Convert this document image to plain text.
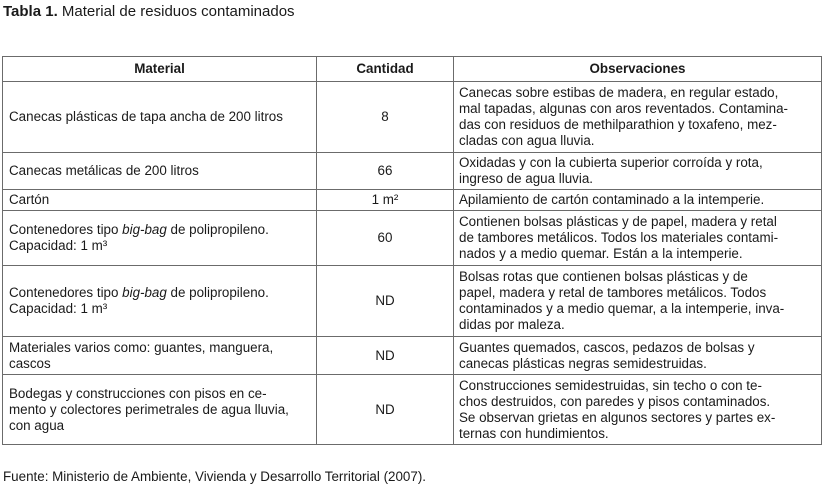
Tabla 1. Material de residuos contaminados
Material	Cantidad	Observaciones

Canecas plásticas de tapa ancha de 200 litros	8	Canecas sobre estibas de madera, en regular estado,
mal tapadas, algunas con aros reventados. Contamina-
das con residuos de methilparathion y toxafeno, mez-
cladas con agua lluvia.

Canecas metálicas de 200 litros	66	Oxidadas y con la cubierta superior corroída y rota,
ingreso de agua lluvia.

Cartón	1 m²	Apilamiento de cartón contaminado a la intemperie.

Contenedores tipo big-bag de polipropileno.
Capacidad: 1 m³	60	Contienen bolsas plásticas y de papel, madera y retal
de tambores metálicos. Todos los materiales contami-
nados y a medio quemar. Están a la intemperie.

Contenedores tipo big-bag de polipropileno.
Capacidad: 1 m³	ND	Bolsas rotas que contienen bolsas plásticas y de
papel, madera y retal de tambores metálicos. Todos
contaminados y a medio quemar, a la intemperie, inva-
didas por maleza.

Materiales varios como: guantes, manguera,
cascos	ND	Guantes quemados, cascos, pedazos de bolsas y
canecas plásticas negras semidestruidas.

Bodegas y construcciones con pisos en ce-
mento y colectores perimetrales de agua lluvia,
con agua	ND	Construcciones semidestruidas, sin techo o con te-
chos destruidos, con paredes y pisos contaminados.
Se observan grietas en algunos sectores y partes ex-
ternas con hundimientos.
Fuente: Ministerio de Ambiente, Vivienda y Desarrollo Territorial (2007).
